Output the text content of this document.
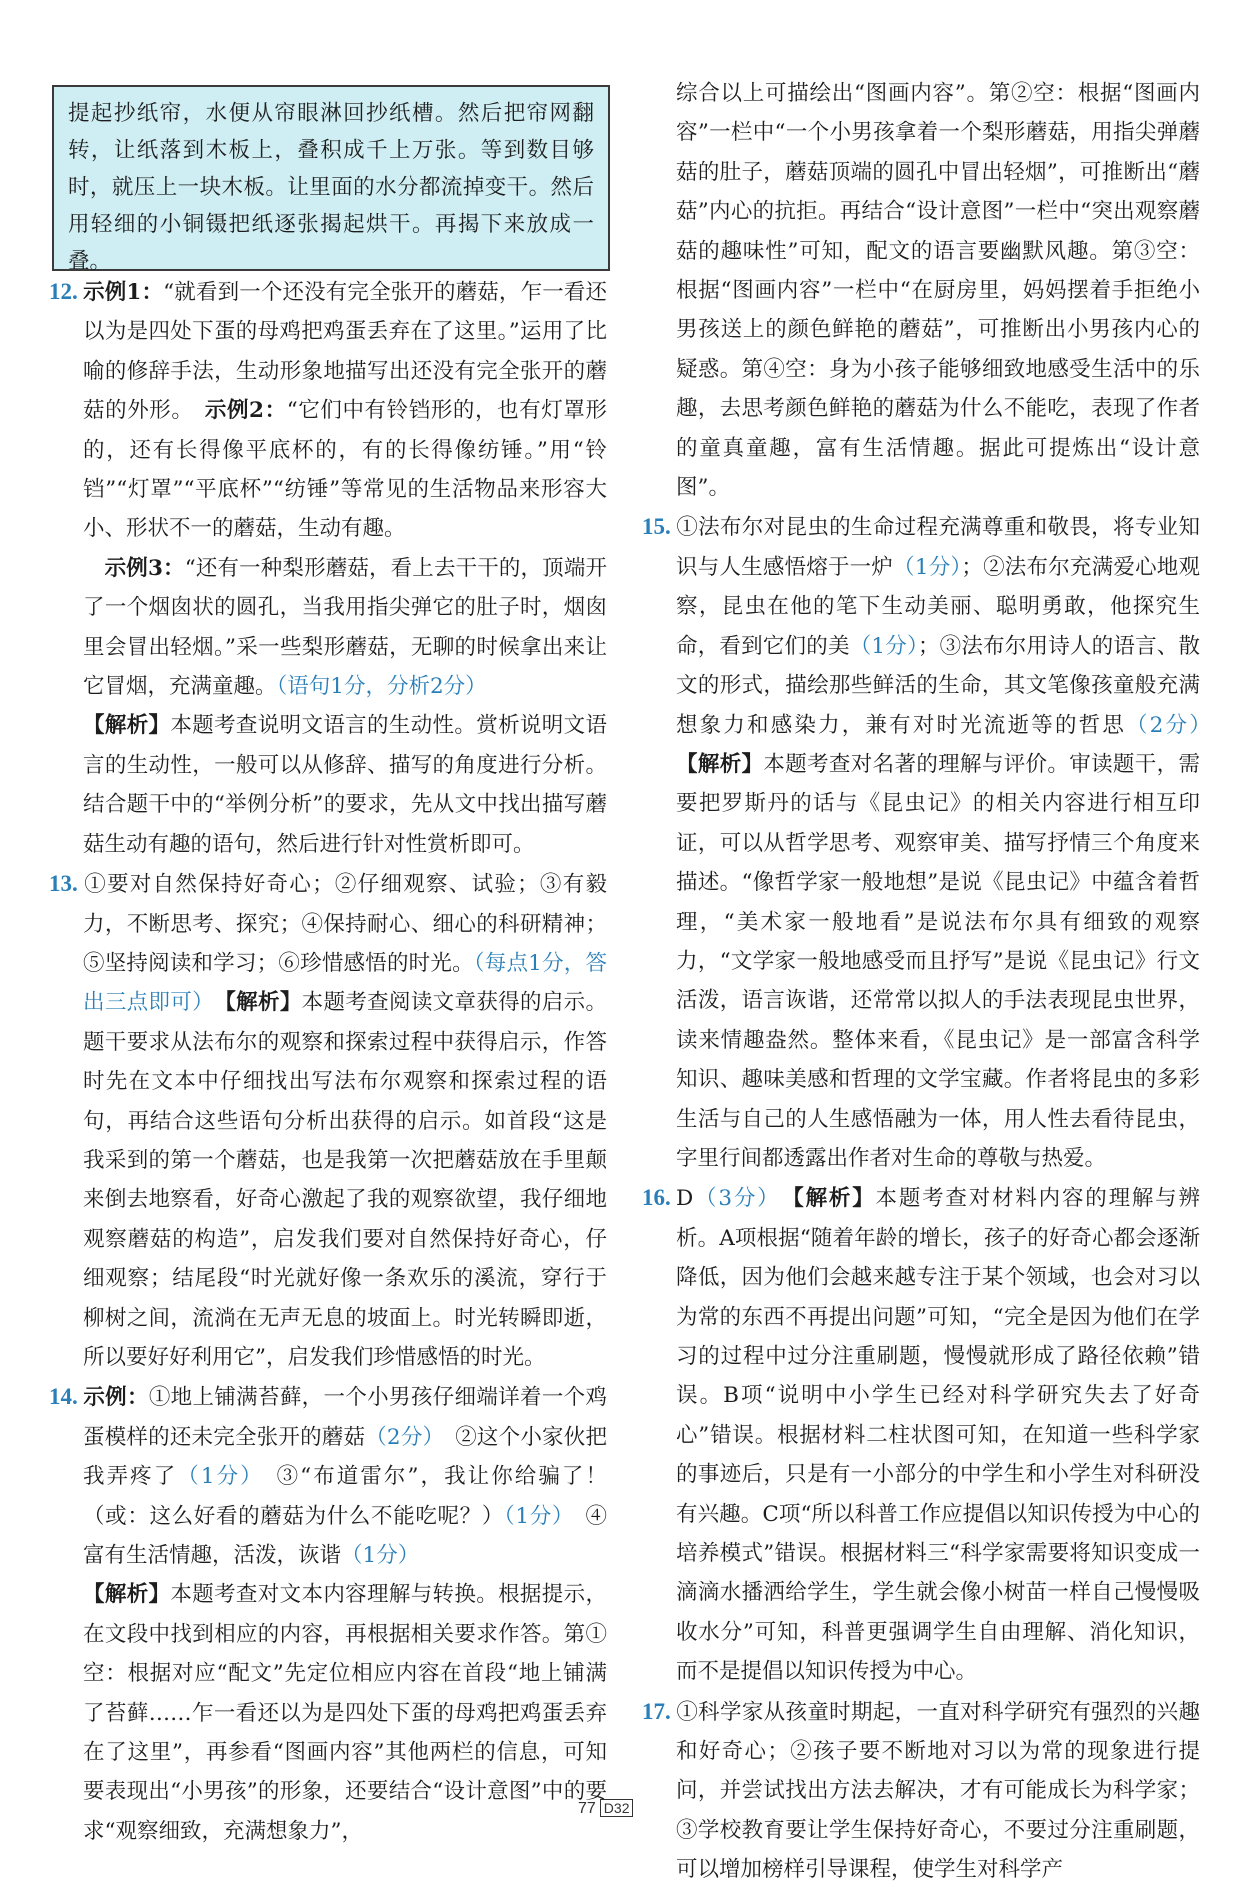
提起抄纸帘，水便从帘眼淋回抄纸槽。然后把帘网翻转，让纸落到木板上，叠积成千上万张。等到数目够时，就压上一块木板。让里面的水分都流掉变干。然后用轻细的小铜镊把纸逐张揭起烘干。再揭下来放成一叠。

12. 示例1：“就看到一个还没有完全张开的蘑菇，乍一看还以为是四处下蛋的母鸡把鸡蛋丢弃在了这里。”运用了比喻的修辞手法，生动形象地描写出还没有完全张开的蘑菇的外形。　 示例2：“它们中有铃铛形的，也有灯罩形的，还有长得像平底杯的，有的长得像纺锤。”用“铃铛”“灯罩”“平底杯”“纺锤”等常见的生活物品来形容大小、形状不一的蘑菇，生动有趣。

　示例3：“还有一种梨形蘑菇，看上去干干的，顶端开了一个烟囱状的圆孔，当我用指尖弹它的肚子时，烟囱里会冒出轻烟。”采一些梨形蘑菇，无聊的时候拿出来让它冒烟，充满童趣。（语句1分，分析2分）

【解析】本题考查说明文语言的生动性。赏析说明文语言的生动性，一般可以从修辞、描写的角度进行分析。结合题干中的“举例分析”的要求，先从文中找出描写蘑菇生动有趣的语句，然后进行针对性赏析即可。

13. ①要对自然保持好奇心；②仔细观察、试验；③有毅力，不断思考、探究；④保持耐心、细心的科研精神；⑤坚持阅读和学习；⑥珍惜感悟的时光。（每点1分，答出三点即可）　 【解析】本题考查阅读文章获得的启示。题干要求从法布尔的观察和探索过程中获得启示，作答时先在文本中仔细找出写法布尔观察和探索过程的语句，再结合这些语句分析出获得的启示。如首段“这是我采到的第一个蘑菇，也是我第一次把蘑菇放在手里颠来倒去地察看，好奇心激起了我的观察欲望，我仔细地观察蘑菇的构造”，启发我们要对自然保持好奇心，仔细观察；结尾段“时光就好像一条欢乐的溪流，穿行于柳树之间，流淌在无声无息的坡面上。时光转瞬即逝，所以要好好利用它”，启发我们珍惜感悟的时光。

14. 示例：①地上铺满苔藓，一个小男孩仔细端详着一个鸡蛋模样的还未完全张开的蘑菇（2分）　 ②这个小家伙把我弄疼了（1分）　 ③“布道雷尔”，我让你给骗了！（或：这么好看的蘑菇为什么不能吃呢？）（1分）　 ④富有生活情趣，活泼，诙谐（1分）

【解析】本题考查对文本内容理解与转换。根据提示，在文段中找到相应的内容，再根据相关要求作答。第①空：根据对应“配文”先定位相应内容在首段“地上铺满了苔藓……乍一看还以为是四处下蛋的母鸡把鸡蛋丢弃在了这里”，再参看“图画内容”其他两栏的信息，可知要表现出“小男孩”的形象，还要结合“设计意图”中的要求“观察细致，充满想象力”，

综合以上可描绘出“图画内容”。第②空：根据“图画内容”一栏中“一个小男孩拿着一个梨形蘑菇，用指尖弹蘑菇的肚子，蘑菇顶端的圆孔中冒出轻烟”，可推断出“蘑菇”内心的抗拒。再结合“设计意图”一栏中“突出观察蘑菇的趣味性”可知，配文的语言要幽默风趣。第③空：根据“图画内容”一栏中“在厨房里，妈妈摆着手拒绝小男孩送上的颜色鲜艳的蘑菇”，可推断出小男孩内心的疑惑。第④空：身为小孩子能够细致地感受生活中的乐趣，去思考颜色鲜艳的蘑菇为什么不能吃，表现了作者的童真童趣，富有生活情趣。据此可提炼出“设计意图”。

15. ①法布尔对昆虫的生命过程充满尊重和敬畏，将专业知识与人生感悟熔于一炉（1分）；②法布尔充满爱心地观察，昆虫在他的笔下生动美丽、聪明勇敢，他探究生命，看到它们的美（1分）；③法布尔用诗人的语言、散文的形式，描绘那些鲜活的生命，其文笔像孩童般充满想象力和感染力，兼有对时光流逝等的哲思（2分）　【解析】本题考查对名著的理解与评价。审读题干，需要把罗斯丹的话与《昆虫记》的相关内容进行相互印证，可以从哲学思考、观察审美、描写抒情三个角度来描述。“像哲学家一般地想”是说《昆虫记》中蕴含着哲理，“美术家一般地看”是说法布尔具有细致的观察力，“文学家一般地感受而且抒写”是说《昆虫记》行文活泼，语言诙谐，还常常以拟人的手法表现昆虫世界，读来情趣盎然。整体来看，《昆虫记》是一部富含科学知识、趣味美感和哲理的文学宝藏。作者将昆虫的多彩生活与自己的人生感悟融为一体，用人性去看待昆虫，字里行间都透露出作者对生命的尊敬与热爱。

16. D（3分）　 【解析】本题考查对材料内容的理解与辨析。A项根据“随着年龄的增长，孩子的好奇心都会逐渐降低，因为他们会越来越专注于某个领域，也会对习以为常的东西不再提出问题”可知，“完全是因为他们在学习的过程中过分注重刷题，慢慢就形成了路径依赖”错误。B项“说明中小学生已经对科学研究失去了好奇心”错误。根据材料二柱状图可知，在知道一些科学家的事迹后，只是有一小部分的中学生和小学生对科研没有兴趣。C项“所以科普工作应提倡以知识传授为中心的培养模式”错误。根据材料三“科学家需要将知识变成一滴滴水播洒给学生，学生就会像小树苗一样自己慢慢吸收水分”可知，科普更强调学生自由理解、消化知识，而不是提倡以知识传授为中心。

17. ①科学家从孩童时期起，一直对科学研究有强烈的兴趣和好奇心；②孩子要不断地对习以为常的现象进行提问，并尝试找出方法去解决，才有可能成长为科学家；③学校教育要让学生保持好奇心，不要过分注重刷题，可以增加榜样引导课程，使学生对科学产

77 D32
